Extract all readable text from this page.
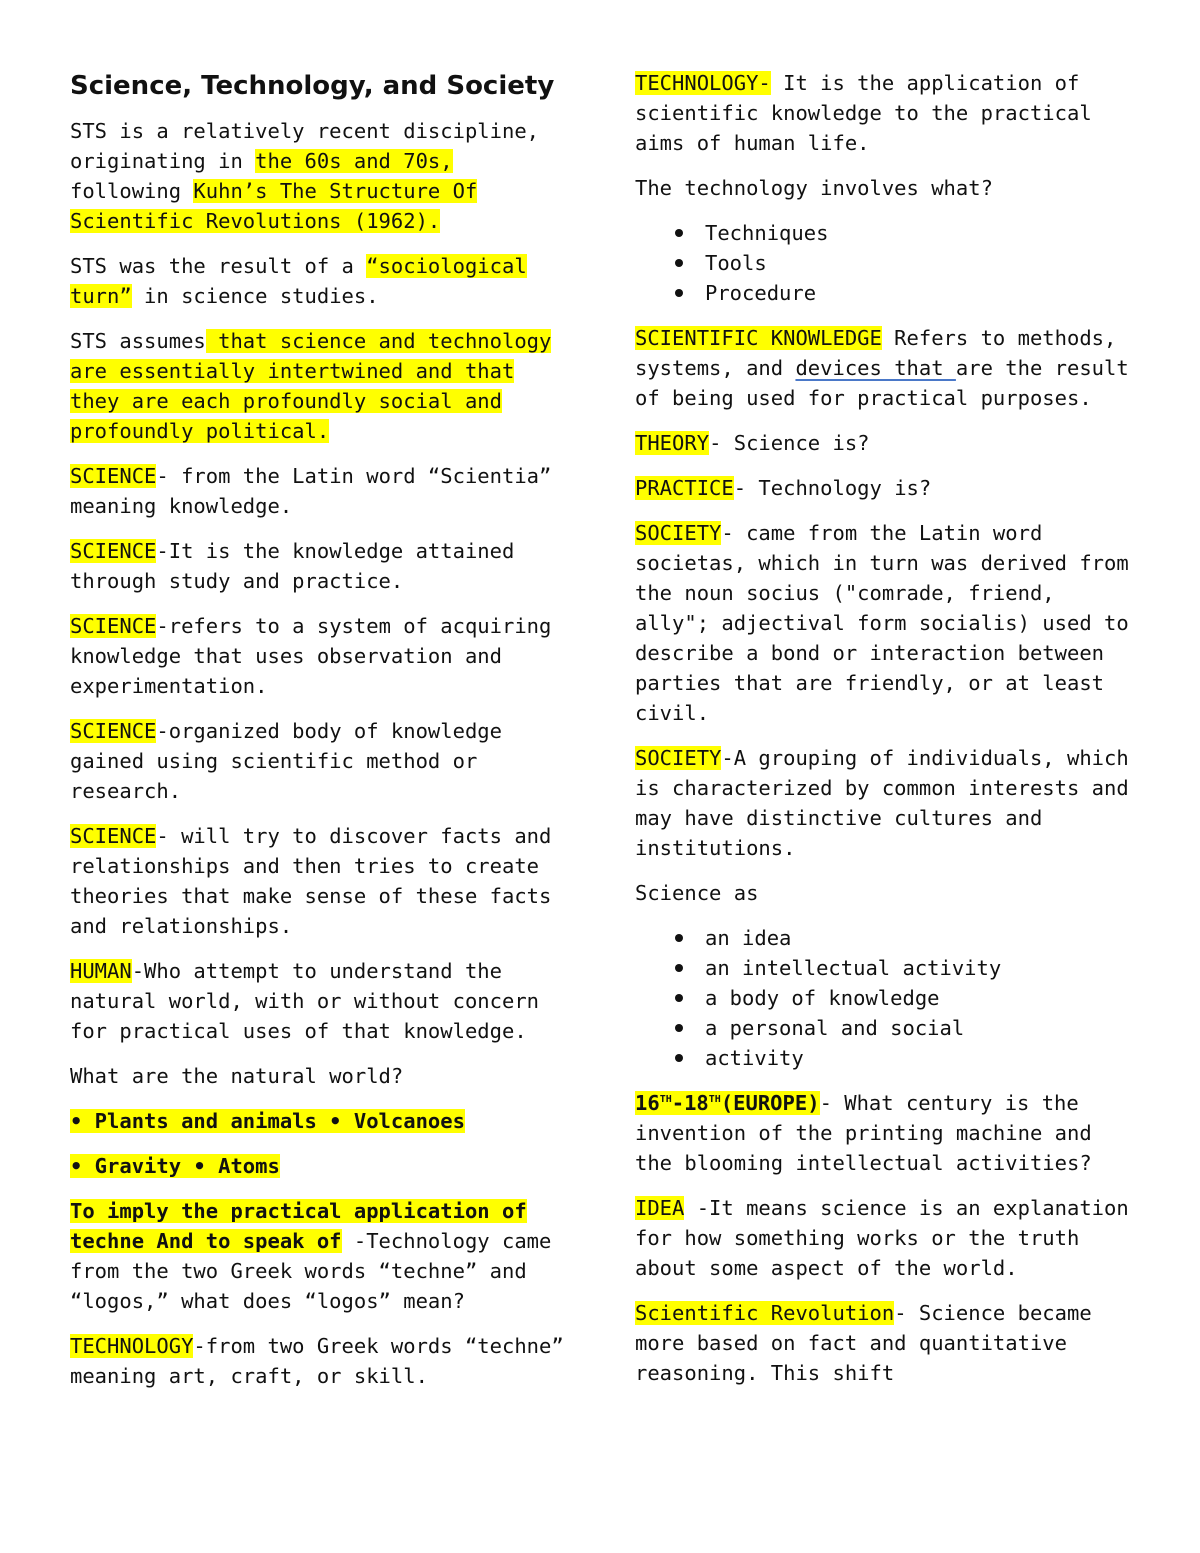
Science, Technology, and Society

STS is a relatively recent discipline, originating in the 60s and 70s, following Kuhn’s The Structure Of Scientific Revolutions (1962).

STS was the result of a “sociological turn” in science studies.

STS assumes that science and technology are essentially intertwined and that they are each profoundly social and profoundly political.

SCIENCE- from the Latin word “Scientia” meaning knowledge.

SCIENCE-It is the knowledge attained through study and practice.

SCIENCE-refers to a system of acquiring knowledge that uses observation and experimentation.

SCIENCE-organized body of knowledge gained using scientific method or research.

SCIENCE- will try to discover facts and relationships and then tries to create theories that make sense of these facts and relationships.

HUMAN-Who attempt to understand the natural world, with or without concern for practical uses of that knowledge.

What are the natural world?

• Plants and animals • Volcanoes

• Gravity • Atoms

To imply the practical application of techne And to speak of -Technology came from the two Greek words “techne” and “logos,” what does “logos” mean?

TECHNOLOGY-from two Greek words “techne” meaning art, craft, or skill.

TECHNOLOGY- It is the application of scientific knowledge to the practical aims of human life.

The technology involves what?

Techniques
Tools
Procedure

SCIENTIFIC KNOWLEDGE Refers to methods, systems, and devices that are the result of being used for practical purposes.

THEORY- Science is?

PRACTICE- Technology is?

SOCIETY- came from the Latin word societas, which in turn was derived from the noun socius ("comrade, friend, ally"; adjectival form socialis) used to describe a bond or interaction between parties that are friendly, or at least civil.

SOCIETY-A grouping of individuals, which is characterized by common interests and may have distinctive cultures and institutions.

Science as

an idea
an intellectual activity
a body of knowledge
a personal and social
activity

16TH-18TH(EUROPE)- What century is the invention of the printing machine and the blooming intellectual activities?

IDEA -It means science is an explanation for how something works or the truth about some aspect of the world.

Scientific Revolution- Science became more based on fact and quantitative reasoning. This shift
